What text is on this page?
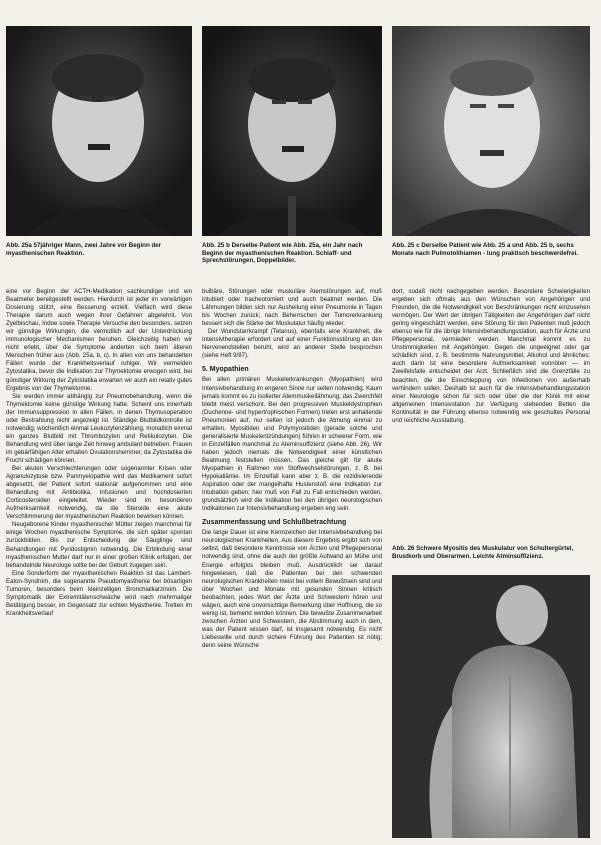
Abb. 25a 57jähriger Mann, zwei Jahre vor Beginn der myasthenischen Reaktion.

Abb. 25 b Derselbe Patient wie Abb. 25a, ein Jahr nach Beginn der myasthenischen Reaktion. Schlaff- und Sprechstörungen, Doppelbilder.

Abb. 25 c Derselbe Patient wie Abb. 25 a und Abb. 25 b, sechs Monate nach Pulmotolihiamen - lung praktisch beschwerdefrei.

eine vor Beginn der ACTH-Medikation sachkundiger und ein Beatmeter bereitgestellt werden. Hierdurch ist jeder im vorwärtigen Dosierung stützt, eine Besserung erzielt. Vielfach wird diese Therapie darum auch wegen ihrer Gefahren abgelehnt. Von Zyelbischau, Indoe sowie Therapie Versuche den besonders, setzen wir günstige Wirkungen, die vermutlich auf der Unterdrückung immunologischer Mechanismen beruhen. Gleichzeitig haben wir nicht erlebt, über die Symptome anderten sich beim älteren Menschen früher aus (Abb. 25a, b, c). In allen von uns behandelten Fällen wurde der Krankheitsverlauf ruhiger. Wir vermeiden Zytostatika, bevor die Indikation zur Thymektomie erwogen wird, bei günstiger Wirkung der Zytostatika erwarten wir auch ein relativ gutes Ergebnis von der Thymektomie.

Sie werden immer abhängig zur Pneumobehandlung, wenn die Thymektomie keine günstige Wirkung hatte. Scheint uns innerhalb der Immunsuppression in allen Fällen, in denen Thymusoperation oder Bestrahlung nicht angezeigt ist. Ständige Blutbildkontrolle ist notwendig; wöchentlich einmal Leukozytenzählung, monatlich einmal ein ganzes Blutbild mit Thrombozyten und Retikulozyten. Die Behandlung wird über lange Zeit hinweg ambulant betrieben. Frauen im gebärfähigen Alter erhalten Ovulationshemmer, da Zytostatika die Frucht schädigen können.

Bei akuten Verschlechterungen oder sogenannter Krisen oder Agranulozytose bzw. Panmyelopathie wird das Medikament sofort abgesetzt, der Patient sofort stationär aufgenommen und eine Behandlung mit Antibiotika, Infusionen und hochdosierten Corticosteroiden eingeleitet. Wieder sind im besonderen Aufmerksamkeit notwendig, da die Steroide eine akute Verschlimmerung der myasthenischen Reaktion bewirken können.

Neugeborene Kinder myasthenischer Mütter zeigen manchmal für einige Wochen myasthenische Symptome, die sich später spontan zurückbilden. Bis zur Entscheidung der Säuglinge sind Behandlungen mit Pyridostigmin notwendig. Die Erblindung einer myasthenischen Mutter darf nur in einer großen Klinik erfolgen, der behandelnde Neurologe sollte bei der Geburt zugegen sein.

Eine Sonderform der myasthenischen Reaktion ist das Lambert-Eaton-Syndrom, die sogenannte Pseudomyasthenie bei bösartigen Tumoren, besonders beim kleinzelligen Bronchialkarzinom. Die Symptomatik der Extremitätenschwäche wird nach mehrmaliger Betätigung besser, im Gegensatz zur echten Myasthenie. Tretten im Krankheitsverlauf

bulbäre, Störungen oder muskuläre Atemstörungen auf, muß intubiert oder tracheotomiert und auch beatmet werden. Die Lähmungen bilden sich nur Ausheilung einer Pneumonie in Tagen bis Wochen zurück; nach Beherrschen der Tumorerkrankung bessert sich die Stärke der Muskulatur häufig wieder.

Der Wundstarrkrampf (Tetanus), ebenfalls eine Krankheit, die Intensivtherapie erfordert und auf einer Funktionsstörung an den Nervenendstellen beruht, wird an anderer Stelle besprochen (siehe Heft 9/87).

5. Myopathien

Bei allen primären Muskelerkrankungen (Myopathien) wird Intensivbehandlung im engeren Sinne nur selten notwendig. Kaum jemals kommt es zu isolierter Atemmuskellähmung; das Zwerchfell bleibt meist verschont. Bei den progressiven Muskeldystrophien (Duchenne- und hypertrophischen Formen) treten erst anhaltende Pneumonien auf, nur selten ist jedoch die Atmung einmal zu erhalten. Myositiden und Polymyositiden (gerade solche und generalisierte Muskelentzündungen) führen in schwerer Form, wie in Einzelfällen manchmal zu Ateminsuffizienz (siehe Abb. 26). Wir haben jedoch niemals die Notwendigkeit einer künstlichen Beatmung feststellen müssen. Das gleiche gilt für akute Myopathien in Rahmen von Stoffwechselstörungen, z. B. bei Hypokaliämie. Im Einzelfall kann aber z. B. die rezidivierende Aspiration oder der mangelhafte Hustenstoß eine Indikation zur Intubation geben; hier muß von Fall zu Fall entschieden werden, grundsätzlich wird die Indikation bei den übrigen neurologischen Indikationen zur Intensivbehandlung ergeben eng sein.

Zusammenfassung und Schlußbetrachtung

Die lange Dauer ist eine Kennzeichen der Intensivbehandlung bei neurologischen Krankheiten. Aus diesem Ergebnis ergibt sich von selbst, daß besondere Kenntnisse von Ärzten und Pflegepersonal notwendig sind, ohne die auch der größte Aufwand an Mühe und Energie erfolglos bleiben muß. Ausdrücklich sei darauf hingewiesen, daß die Patienten bei den schwersten neurologischen Krankheiten meist bei vollem Bewußtsein sind und über Wochen und Monate mit gesunden Sinnen kritisch beobachten, jedes Wort der Ärzte und Schwestern hören und wägen, auch eine unvorsichtige Bemerkung über Hoffnung, die so wenig ist, bemerkt werden können. Die bewußte Zusammenarbeit zwischen Ärzten und Schwestern, die Abstimmung auch in dem, was der Patient wissen darf, ist insgesamt notwendig. Es nicht Liebeswille und durch sichere Führung des Patienten ist nötig; denn seine Wünsche

dort, sodaß nicht nachgegeben werden. Besondere Schwierigkeiten ergeben sich oftmals aus den Wünschen von Angehörigen und Freunden, die die Notwendigkeit von Beschränkungen nicht einzusehen vermögen. Der Wert der übrigen Tätigkeiten der Angehörigen darf nicht gering eingeschätzt werden, eine Störung für den Patienten muß jedoch ebenso wie für die übrige Intensivbehandlungsstation, auch für Ärzte und Pflegepersonal, vermieden werden. Manchmal kommt es zu Unstimmigkeiten mit Angehörigen. Gegen die ungeeignet oder gar schädlich sind, z. B. bestimmte Nahrungsmittel, Alkohol und ähnliches; auch darin ist eine besondere Aufmerksamkeit vonnöten — im Zweifelsfalle entscheidet der Arzt. Schließlich sind die Grenzfälle zu beachten, die die Einschleppung von Infektionen von außerhalb verhindern sollen. Deshalb ist auch für die Intensivbehandlungsstation einer Neurologie schon für sich oder über die der Klinik mit einer allgemeinen Intensivstation zur Verfügung stehenden Betten die Kontinuität in der Führung ebenso notwendig wie geschultes Personal und reichliche Ausstattung.

Abb. 26 Schwere Myositis des Muskulatur von Schultergürtel, Brustkorb und Oberarmen. Leichte Atminsuffizienz.
